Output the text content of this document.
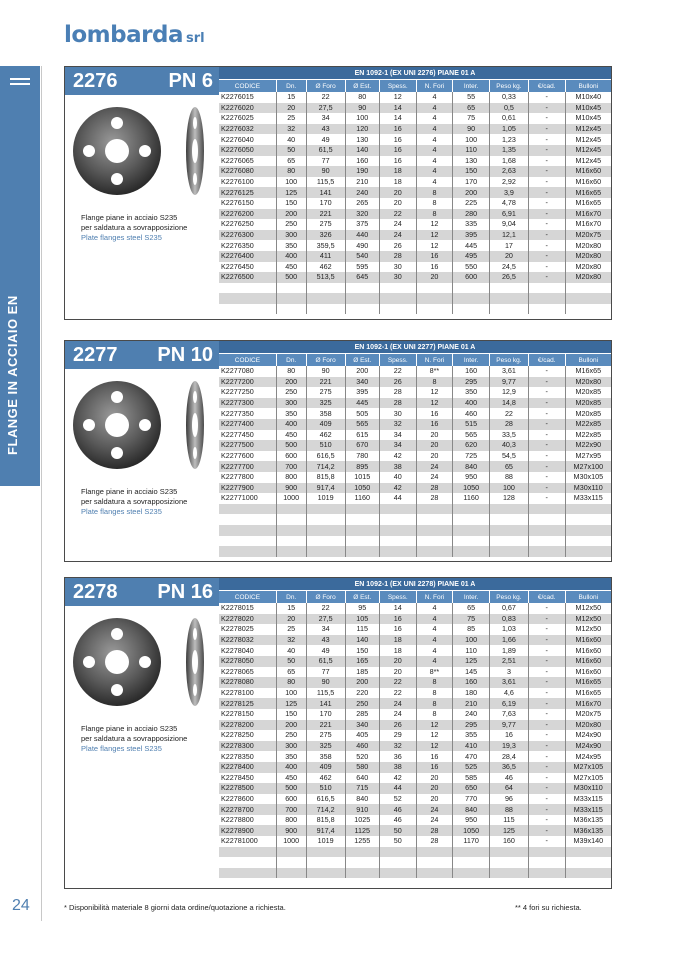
lombarda srl
FLANGE IN ACCIAIO EN
2276	PN 6
Flange piane in acciaio S235
per saldatura a sovrapposizione
Plate flanges steel S235
EN 1092-1 (EX UNI 2276) PIANE 01 A
CODICE	Dn.	Ø Foro	Ø Est.	Spess.	N. Fori	Inter.	Peso kg.	€/cad.	Bulloni
K2276015	15	22	80	12	4	55	0,33	-	M10x40
K2276020	20	27,5	90	14	4	65	0,5	-	M10x45
K2276025	25	34	100	14	4	75	0,61	-	M10x45
K2276032	32	43	120	16	4	90	1,05	-	M12x45
K2276040	40	49	130	16	4	100	1,23	-	M12x45
K2276050	50	61,5	140	16	4	110	1,35	-	M12x45
K2276065	65	77	160	16	4	130	1,68	-	M12x45
K2276080	80	90	190	18	4	150	2,63	-	M16x60
K2276100	100	115,5	210	18	4	170	2,92	-	M16x60
K2276125	125	141	240	20	8	200	3,9	-	M16x65
K2276150	150	170	265	20	8	225	4,78	-	M16x65
K2276200	200	221	320	22	8	280	6,91	-	M16x70
K2276250	250	275	375	24	12	335	9,04	-	M16x70
K2276300	300	326	440	24	12	395	12,1	-	M20x75
K2276350	350	359,5	490	26	12	445	17	-	M20x80
K2276400	400	411	540	28	16	495	20	-	M20x80
K2276450	450	462	595	30	16	550	24,5	-	M20x80
K2276500	500	513,5	645	30	20	600	26,5	-	M20x80

2277 PN 10
Flange piane in acciaio S235
per saldatura a sovrapposizione
Plate flanges steel S235
EN 1092-1 (EX UNI 2277) PIANE 01 A
CODICE	Dn.	Ø Foro	Ø Est.	Spess.	N. Fori	Inter.	Peso kg.	€/cad.	Bulloni
K2277080	80	90	200	22	8**	160	3,61	-	M16x65
K2277200	200	221	340	26	8	295	9,77	-	M20x80
K2277250	250	275	395	28	12	350	12,9	-	M20x85
K2277300	300	325	445	28	12	400	14,8	-	M20x85
K2277350	350	358	505	30	16	460	22	-	M20x85
K2277400	400	409	565	32	16	515	28	-	M22x85
K2277450	450	462	615	34	20	565	33,5	-	M22x85
K2277500	500	510	670	34	20	620	40,3	-	M22x90
K2277600	600	616,5	780	42	20	725	54,5	-	M27x95
K2277700	700	714,2	895	38	24	840	65	-	M27x100
K2277800	800	815,8	1015	40	24	950	88	-	M30x105
K2277900	900	917,4	1050	42	28	1050	100	-	M30x110
K22771000	1000	1019	1160	44	28	1160	128	-	M33x115

2278 PN 16
Flange piane in acciaio S235
per saldatura a sovrapposizione
Plate flanges steel S235
EN 1092-1 (EX UNI 2278) PIANE 01 A
CODICE	Dn.	Ø Foro	Ø Est.	Spess.	N. Fori	Inter.	Peso kg.	€/cad.	Bulloni
K2278015	15	22	95	14	4	65	0,67	-	M12x50
K2278020	20	27,5	105	16	4	75	0,83	-	M12x50
K2278025	25	34	115	16	4	85	1,03	-	M12x50
K2278032	32	43	140	18	4	100	1,66	-	M16x60
K2278040	40	49	150	18	4	110	1,89	-	M16x60
K2278050	50	61,5	165	20	4	125	2,51	-	M16x60
K2278065	65	77	185	20	8**	145	3	-	M16x60
K2278080	80	90	200	22	8	160	3,61	-	M16x65
K2278100	100	115,5	220	22	8	180	4,6	-	M16x65
K2278125	125	141	250	24	8	210	6,19	-	M16x70
K2278150	150	170	285	24	8	240	7,63	-	M20x75
K2278200	200	221	340	26	12	295	9,77	-	M20x80
K2278250	250	275	405	29	12	355	16	-	M24x90
K2278300	300	325	460	32	12	410	19,3	-	M24x90
K2278350	350	358	520	36	16	470	28,4	-	M24x95
K2278400	400	409	580	38	16	525	36,5	-	M27x105
K2278450	450	462	640	42	20	585	46	-	M27x105
K2278500	500	510	715	44	20	650	64	-	M30x110
K2278600	600	616,5	840	52	20	770	96	-	M33x115
K2278700	700	714,2	910	46	24	840	88	-	M33x115
K2278800	800	815,8	1025	46	24	950	115	-	M36x135
K2278900	900	917,4	1125	50	28	1050	125	-	M36x135
K22781000	1000	1019	1255	50	28	1170	160	-	M39x140

24	* Disponibilità materiale 8 giorni data ordine/quotazione a richiesta.	** 4 fori su richiesta.
